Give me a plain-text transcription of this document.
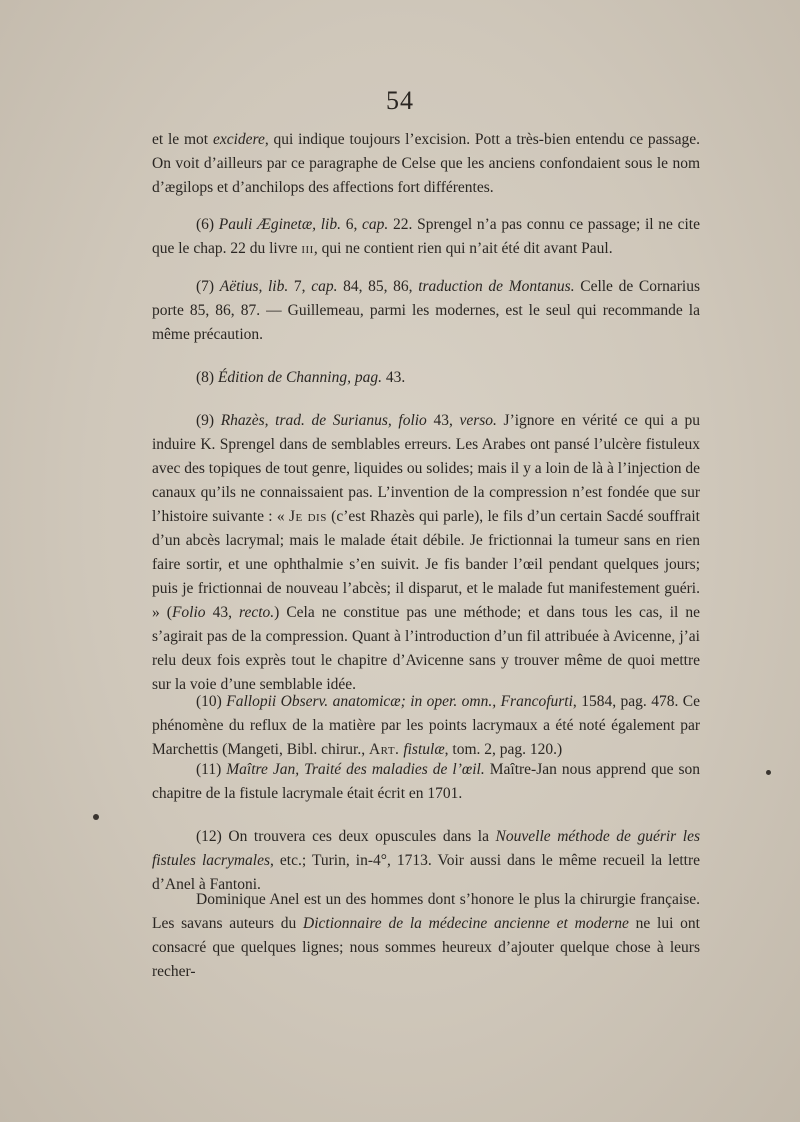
54

et le mot excidere, qui indique toujours l’excision. Pott a très-bien entendu ce passage. On voit d’ailleurs par ce paragraphe de Celse que les anciens confondaient sous le nom d’ægilops et d’anchilops des affections fort différentes.

(6) Pauli Æginetæ, lib. 6, cap. 22. Sprengel n’a pas connu ce passage; il ne cite que le chap. 22 du livre iii, qui ne contient rien qui n’ait été dit avant Paul.

(7) Aëtius, lib. 7, cap. 84, 85, 86, traduction de Montanus. Celle de Cornarius porte 85, 86, 87. — Guillemeau, parmi les modernes, est le seul qui recommande la même précaution.

(8) Édition de Channing, pag. 43.

(9) Rhazès, trad. de Surianus, folio 43, verso. J’ignore en vérité ce qui a pu induire K. Sprengel dans de semblables erreurs. Les Arabes ont pansé l’ulcère fistuleux avec des topiques de tout genre, liquides ou solides; mais il y a loin de là à l’injection de canaux qu’ils ne connaissaient pas. L’invention de la compression n’est fondée que sur l’histoire suivante : « Je dis (c’est Rhazès qui parle), le fils d’un certain Sacdé souffrait d’un abcès lacrymal; mais le malade était débile. Je frictionnai la tumeur sans en rien faire sortir, et une ophthalmie s’en suivit. Je fis bander l’œil pendant quelques jours; puis je frictionnai de nouveau l’abcès; il disparut, et le malade fut manifestement guéri. » (Folio 43, recto.) Cela ne constitue pas une méthode; et dans tous les cas, il ne s’agirait pas de la compression. Quant à l’introduction d’un fil attribuée à Avicenne, j’ai relu deux fois exprès tout le chapitre d’Avicenne sans y trouver même de quoi mettre sur la voie d’une semblable idée.

(10) Fallopii Observ. anatomicæ; in oper. omn., Francofurti, 1584, pag. 478. Ce phénomène du reflux de la matière par les points lacrymaux a été noté également par Marchettis (Mangeti, Bibl. chirur., Art. fistulæ, tom. 2, pag. 120.)

(11) Maître Jan, Traité des maladies de l’œil. Maître-Jan nous apprend que son chapitre de la fistule lacrymale était écrit en 1701.

(12) On trouvera ces deux opuscules dans la Nouvelle méthode de guérir les fistules lacrymales, etc.; Turin, in-4°, 1713. Voir aussi dans le même recueil la lettre d’Anel à Fantoni.

Dominique Anel est un des hommes dont s’honore le plus la chirurgie française. Les savans auteurs du Dictionnaire de la médecine ancienne et moderne ne lui ont consacré que quelques lignes; nous sommes heureux d’ajouter quelque chose à leurs recher-
